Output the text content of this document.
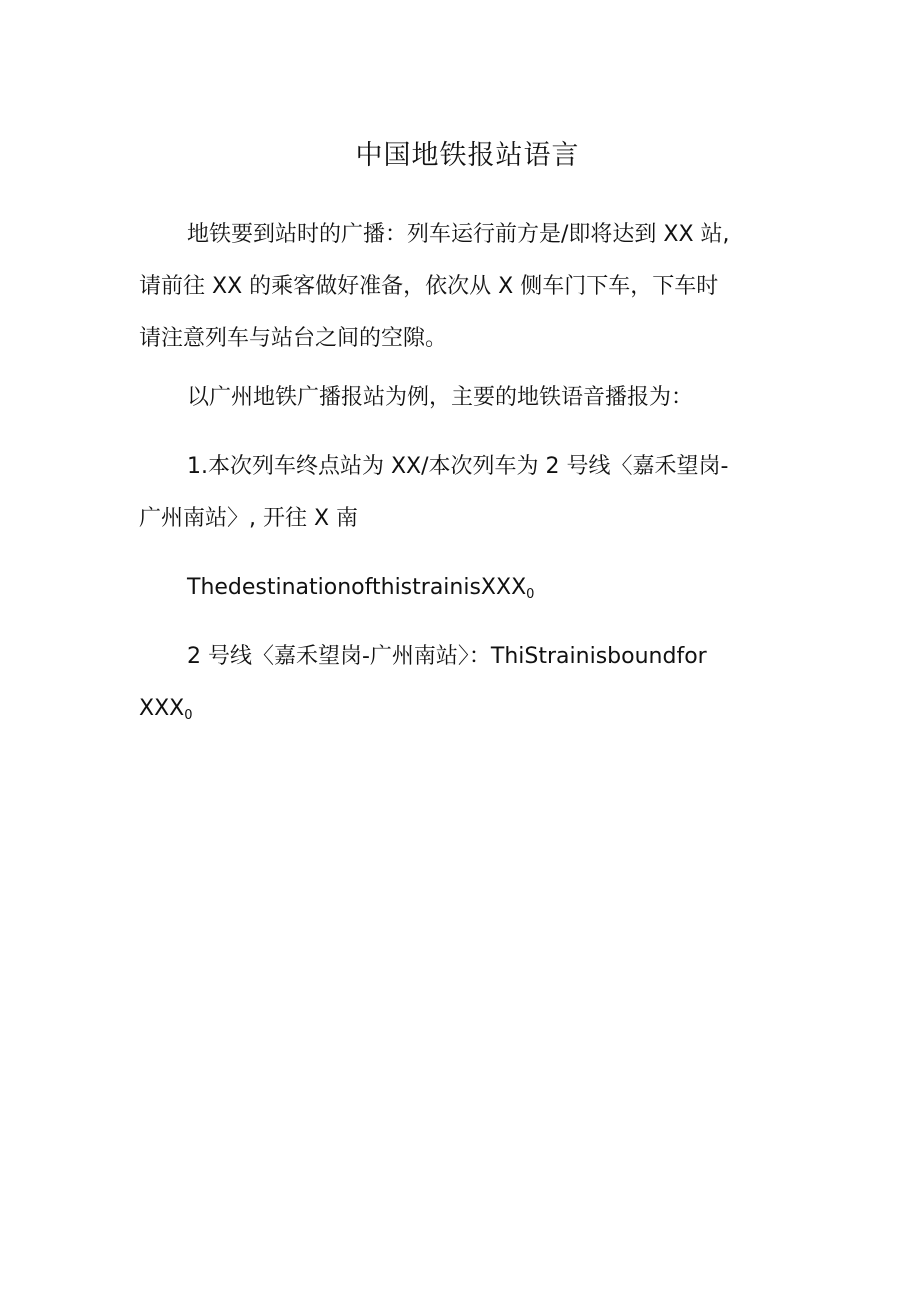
中国地铁报站语言
地铁要到站时的广播：列车运行前方是/即将达到 XX 站,
请前往 XX 的乘客做好准备，依次从 X 侧车门下车，下车时
请注意列车与站台之间的空隙。
以广州地铁广播报站为例，主要的地铁语音播报为：
1.本次列车终点站为 XX/本次列车为 2 号线〈嘉禾望岗-
广州南站〉, 开往 X 南
ThedestinationofthistrainisXXX$_0$
2 号线〈嘉禾望岗-广州南站〉：ThiStrainisboundfor
$XXX_0$
